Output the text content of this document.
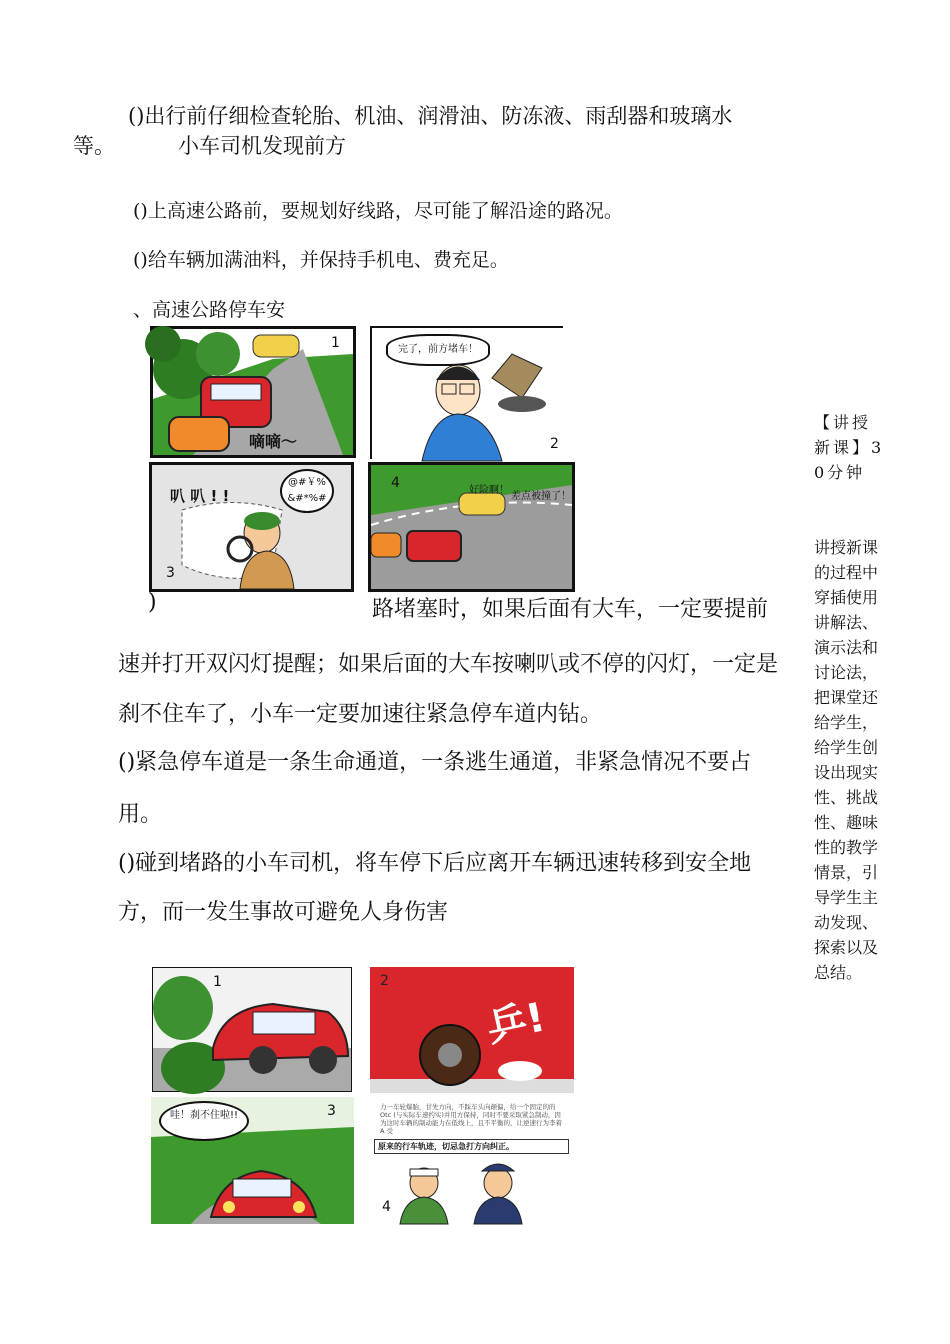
()出行前仔细检查轮胎、机油、润滑油、防冻液、雨刮器和玻璃水
等。	小车司机发现前方
()上高速公路前，要规划好线路，尽可能了解沿途的路况。
()给车辆加满油料，并保持手机电、费充足。
、高速公路停车安
1
嘀嘀～
完了，前方堵车！
2
叭 叭 ! !
@#￥%
&#*%#
3
好险啊！
差点被撞了！
4
)	路堵塞时，如果后面有大车，一定要提前
速并打开双闪灯提醒；如果后面的大车按喇叭或不停的闪灯，一定是
刹不住车了，小车一定要加速往紧急停车道内钻。
()紧急停车道是一条生命通道，一条逃生通道，非紧急情况不要占
用。
()碰到堵路的小车司机，将车停下后应离开车辆迅速转移到安全地
方，而一发生事故可避免人身伤害
【讲授
新课】3
0分钟
讲授新课
的过程中
穿插使用
讲解法、
演示法和
讨论法，
把课堂还
给学生，
给学生创
设出现实
性、挑战
性、趣味
性的教学
情景，引
导学生主
动发现、
探索以及
总结。
1	2
乒!
哇！刹不住啦!!	3	力一车轮爆胎，甘先方向，不踩车头向颠偏，给一个固定的的 Otc (与实际车速约实)并用方保持，同时不要采取紧急制动，因为这时车辆的制动能力在低线上，且不平衡的，让逆速行为李着 A 受
原来的行车轨迹，切忌急打方向纠正。
4
